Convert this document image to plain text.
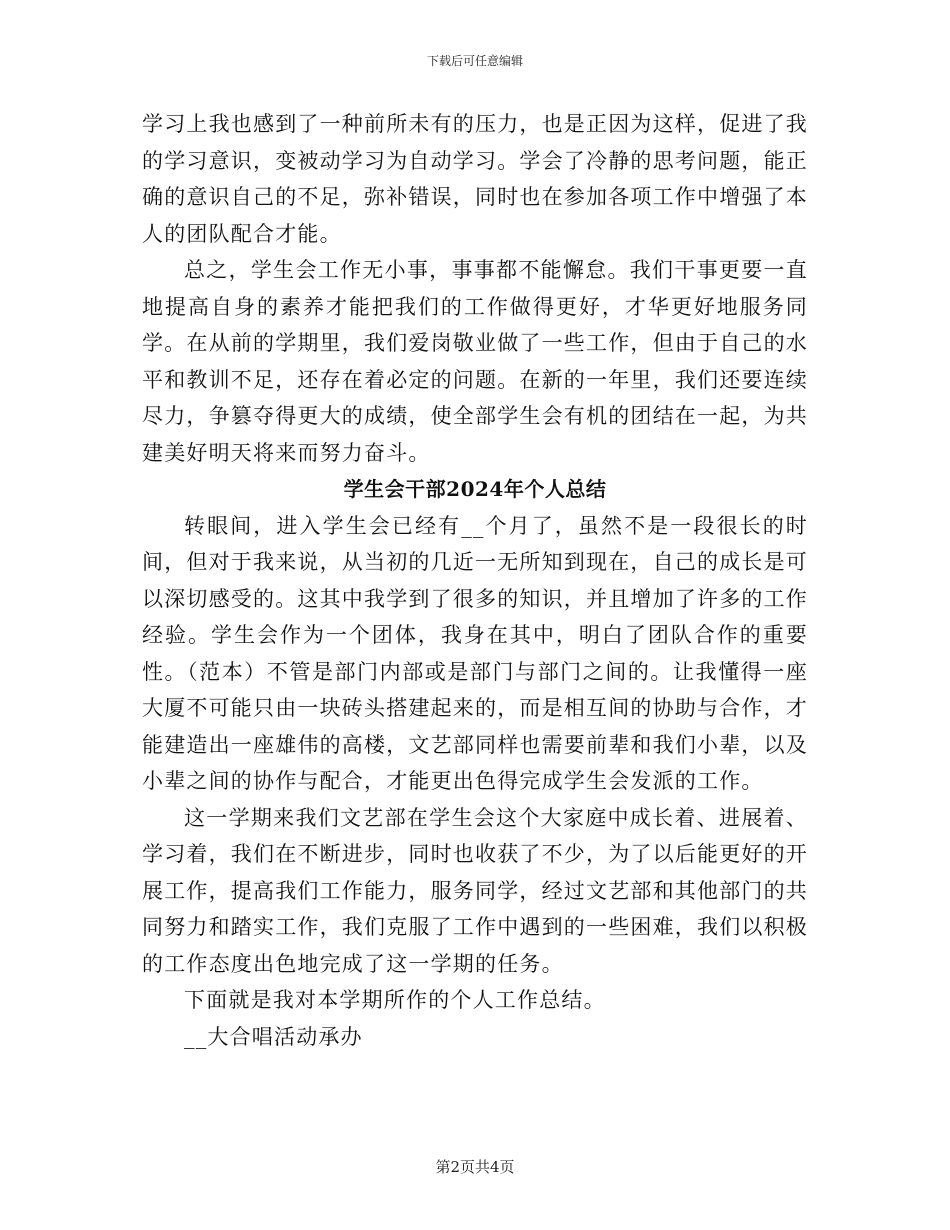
下载后可任意编辑

学习上我也感到了一种前所未有的压力，也是正因为这样，促进了我的学习意识，变被动学习为自动学习。学会了冷静的思考问题，能正确的意识自己的不足，弥补错误，同时也在参加各项工作中增强了本人的团队配合才能。

总之，学生会工作无小事，事事都不能懈怠。我们干事更要一直地提高自身的素养才能把我们的工作做得更好，才华更好地服务同学。在从前的学期里，我们爱岗敬业做了一些工作，但由于自己的水平和教训不足，还存在着必定的问题。在新的一年里，我们还要连续尽力，争篡夺得更大的成绩，使全部学生会有机的团结在一起，为共建美好明天将来而努力奋斗。

学生会干部2024年个人总结

转眼间，进入学生会已经有__个月了，虽然不是一段很长的时间，但对于我来说，从当初的几近一无所知到现在，自己的成长是可以深切感受的。这其中我学到了很多的知识，并且增加了许多的工作经验。学生会作为一个团体，我身在其中，明白了团队合作的重要性。（范本）不管是部门内部或是部门与部门之间的。让我懂得一座大厦不可能只由一块砖头搭建起来的，而是相互间的协助与合作，才能建造出一座雄伟的高楼，文艺部同样也需要前辈和我们小辈，以及小辈之间的协作与配合，才能更出色得完成学生会发派的工作。

这一学期来我们文艺部在学生会这个大家庭中成长着、进展着、学习着，我们在不断进步，同时也收获了不少，为了以后能更好的开展工作，提高我们工作能力，服务同学，经过文艺部和其他部门的共同努力和踏实工作，我们克服了工作中遇到的一些困难，我们以积极的工作态度出色地完成了这一学期的任务。

下面就是我对本学期所作的个人工作总结。

__大合唱活动承办

第2页共4页
